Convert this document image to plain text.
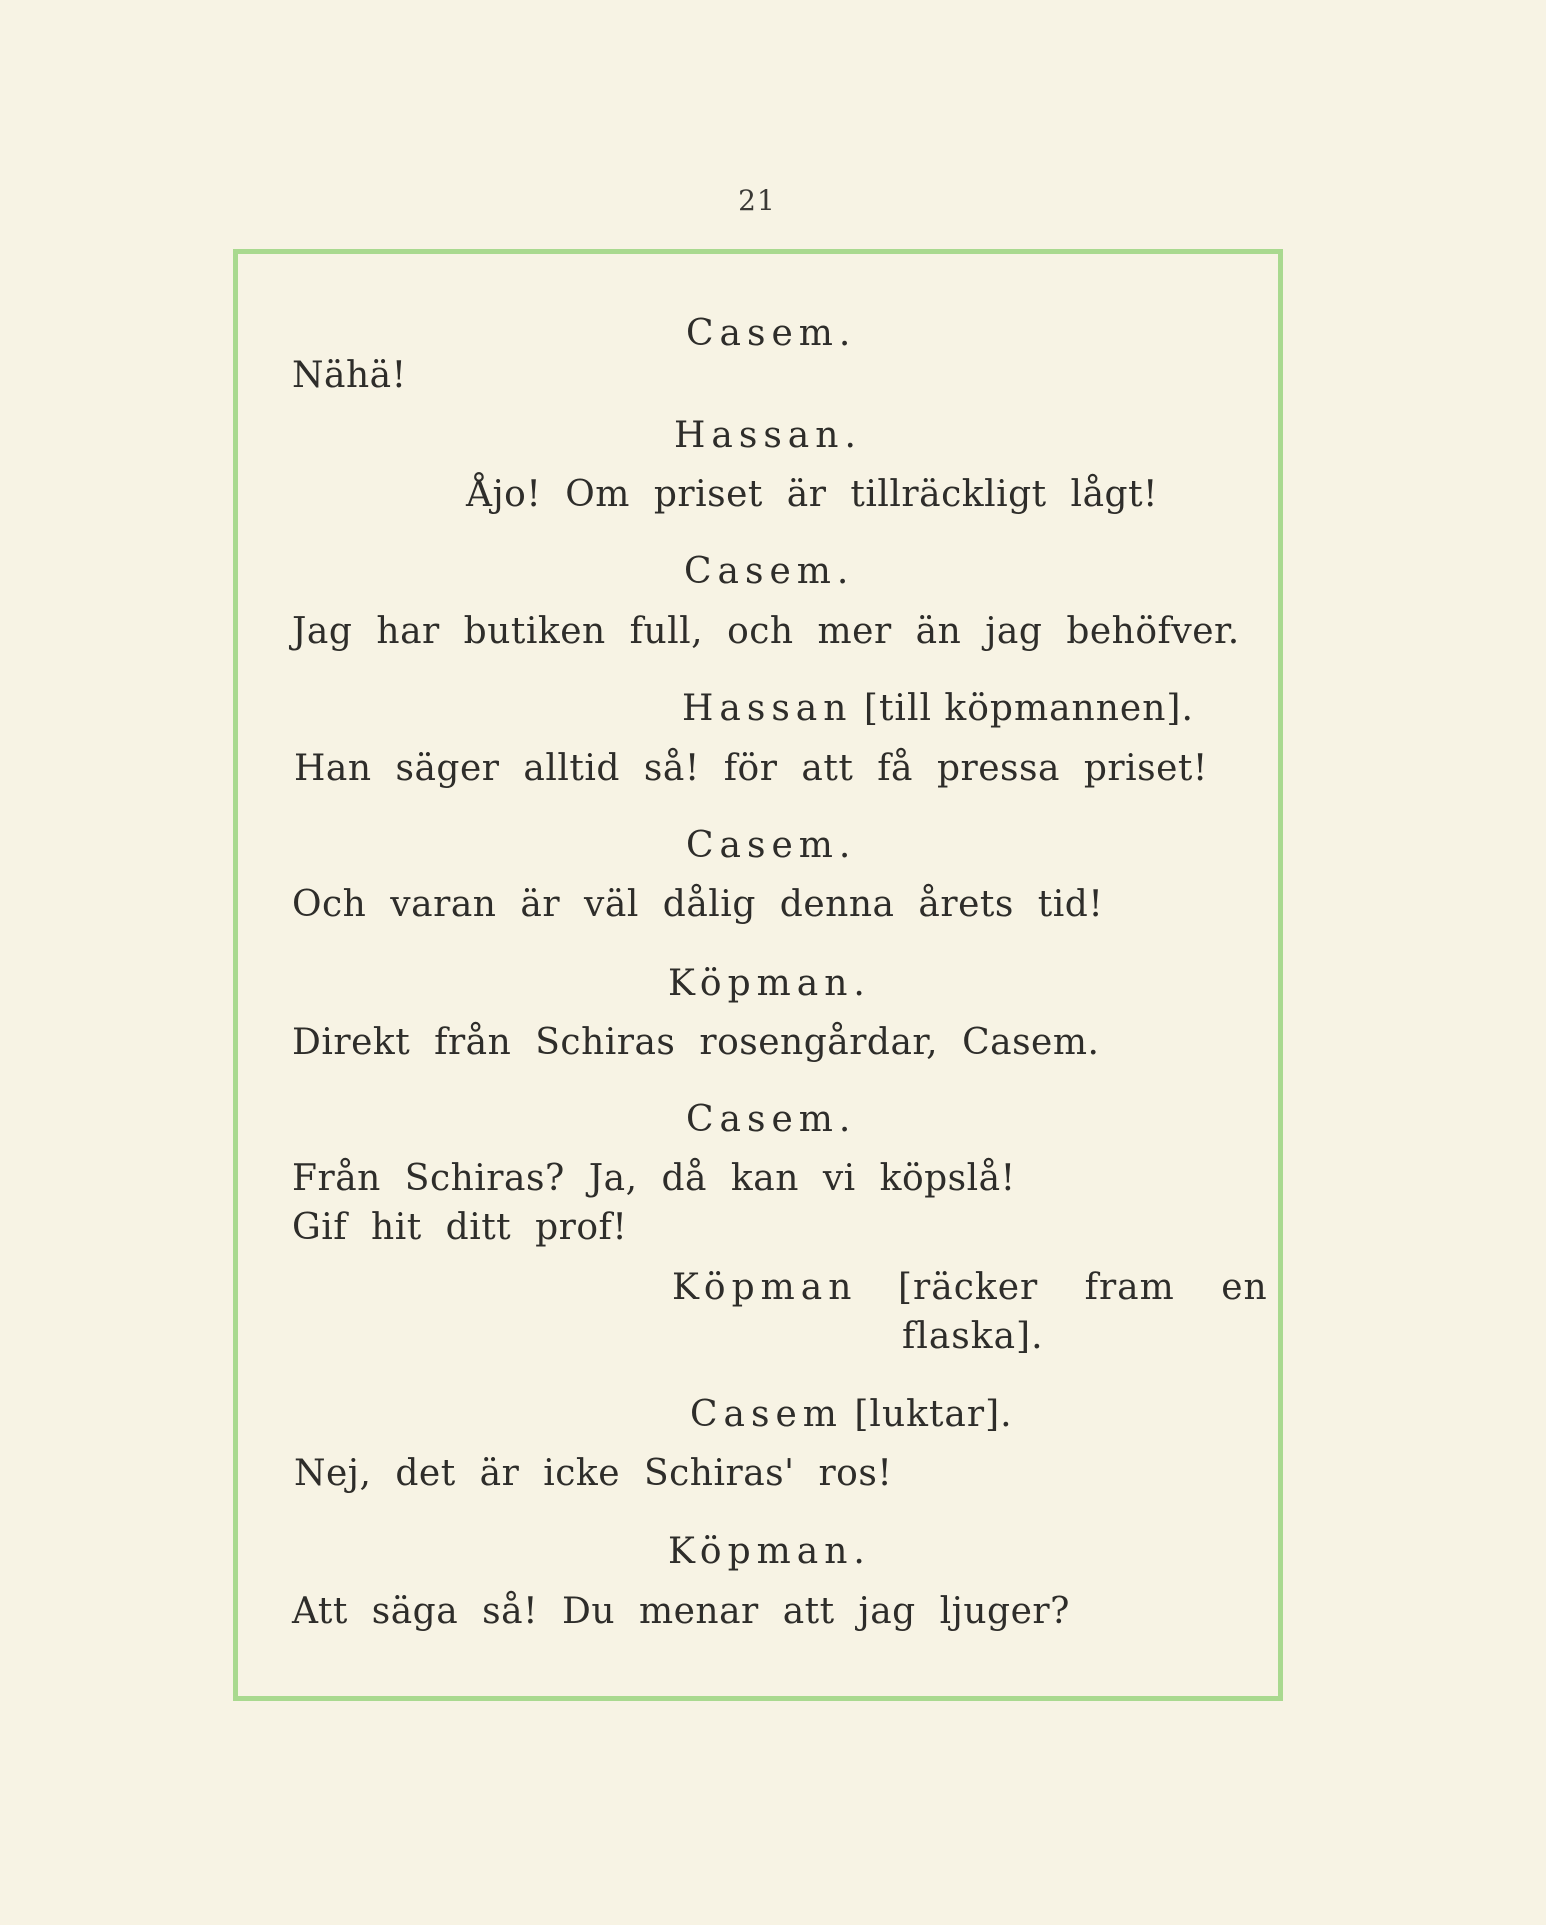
21
Casem.
Nähä!
Hassan.
Åjo! Om priset är tillräckligt lågt!
Casem.
Jag har butiken full, och mer än jag behöfver.
Hassan [till köpmannen].
Han säger alltid så! för att få pressa priset!
Casem.
Och varan är väl dålig denna årets tid!
Köpman.
Direkt från Schiras rosengårdar, Casem.
Casem.
Från Schiras? Ja, då kan vi köpslå!
Gif hit ditt prof!
Köpman [räcker fram en
flaska].
Casem [luktar].
Nej, det är icke Schiras' ros!
Köpman.
Att säga så! Du menar att jag ljuger?
